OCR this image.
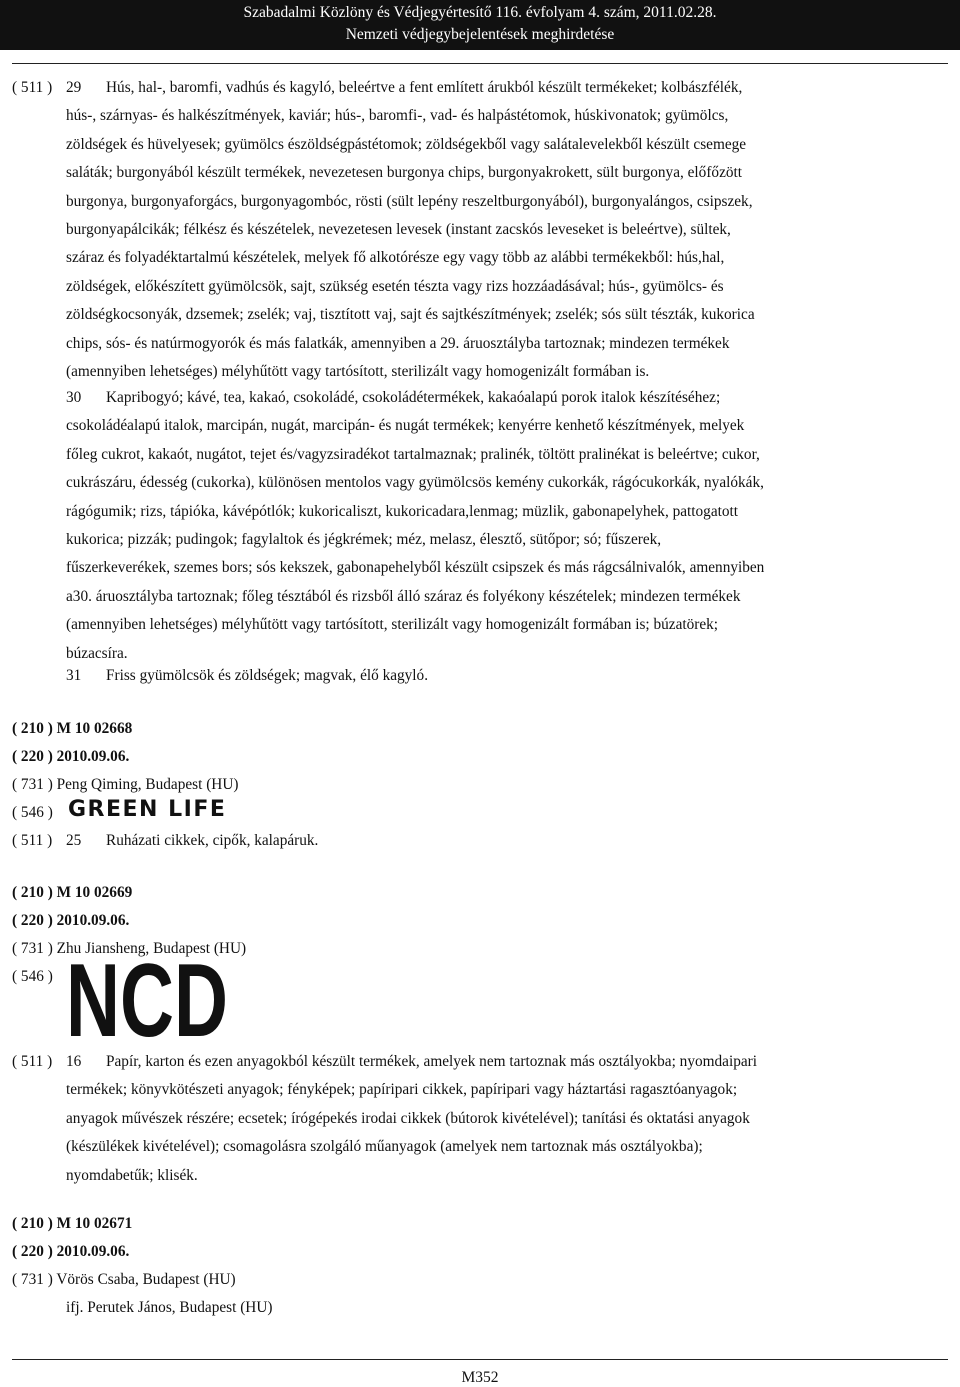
Szabadalmi Közlöny és Védjegyértesítő 116. évfolyam 4. szám, 2011.02.28.
Nemzeti védjegybejelentések meghirdetése
( 511 ) 29	Hús, hal-, baromfi, vadhús és kagyló, beleértve a fent említett árukból készült termékeket; kolbászfélék,
hús-, szárnyas- és halkészítmények, kaviár; hús-, baromfi-, vad- és halpástétomok, húskivonatok; gyümölcs,
zöldségek és hüvelyesek; gyümölcs észöldségpástétomok; zöldségekből vagy salátalevelekből készült csemege
saláták; burgonyából készült termékek, nevezetesen burgonya chips, burgonyakrokett, sült burgonya, előfőzött
burgonya, burgonyaforgács, burgonyagombóc, rösti (sült lepény reszeltburgonyából), burgonyalángos, csipszek,
burgonyapálcikák; félkész és készételek, nevezetesen levesek (instant zacskós leveseket is beleértve), sültek,
száraz és folyadéktartalmú készételek, melyek fő alkotórésze egy vagy több az alábbi termékekből: hús,hal,
zöldségek, előkészített gyümölcsök, sajt, szükség esetén tészta vagy rizs hozzáadásával; hús-, gyümölcs- és
zöldségkocsonyák, dzsemek; zselék; vaj, tisztított vaj, sajt és sajtkészítmények; zselék; sós sült tészták, kukorica
chips, sós- és natúrmogyorók és más falatkák, amennyiben a 29. áruosztályba tartoznak; mindezen termékek
(amennyiben lehetséges) mélyhűtött vagy tartósított, sterilizált vagy homogenizált formában is.
30	Kapribogyó; kávé, tea, kakaó, csokoládé, csokoládétermékek, kakaóalapú porok italok készítéséhez;
csokoládéalapú italok, marcipán, nugát, marcipán- és nugát termékek; kenyérre kenhető készítmények, melyek
főleg cukrot, kakaót, nugátot, tejet és/vagyzsiradékot tartalmaznak; pralinék, töltött pralinékat is beleértve; cukor,
cukrászáru, édesség (cukorka), különösen mentolos vagy gyümölcsös kemény cukorkák, rágócukorkák, nyalókák,
rágógumik; rizs, tápióka, kávépótlók; kukoricaliszt, kukoricadara,lenmag; müzlik, gabonapelyhek, pattogatott
kukorica; pizzák; pudingok; fagylaltok és jégkrémek; méz, melasz, élesztő, sütőpor; só; fűszerek,
fűszerkeverékek, szemes bors; sós kekszek, gabonapehelyből készült csipszek és más rágcsálnivalók, amennyiben
a30. áruosztályba tartoznak; főleg tésztából és rizsből álló száraz és folyékony készételek; mindezen termékek
(amennyiben lehetséges) mélyhűtött vagy tartósított, sterilizált vagy homogenizált formában is; búzatörek;
búzacsíra.
31 Friss gyümölcsök és zöldségek; magvak, élő kagyló.
( 210 ) M 10 02668
( 220 ) 2010.09.06.
( 731 ) Peng Qiming, Budapest (HU)
( 546 ) GREEN LIFE
( 511 ) 25 Ruházati cikkek, cipők, kalapáruk.
( 210 ) M 10 02669
( 220 ) 2010.09.06.
( 731 ) Zhu Jiansheng, Budapest (HU)
( 546 ) NCD
( 511 ) 16	Papír, karton és ezen anyagokból készült termékek, amelyek nem tartoznak más osztályokba; nyomdaipari
termékek; könyvkötészeti anyagok; fényképek; papíripari cikkek, papíripari vagy háztartási ragasztóanyagok;
anyagok művészek részére; ecsetek; írógépekés irodai cikkek (bútorok kivételével); tanítási és oktatási anyagok
(készülékek kivételével); csomagolásra szolgáló műanyagok (amelyek nem tartoznak más osztályokba);
nyomdabetűk; klisék.
( 210 ) M 10 02671
( 220 ) 2010.09.06.
( 731 ) Vörös Csaba, Budapest (HU)
ifj. Perutek János, Budapest (HU)
M352
